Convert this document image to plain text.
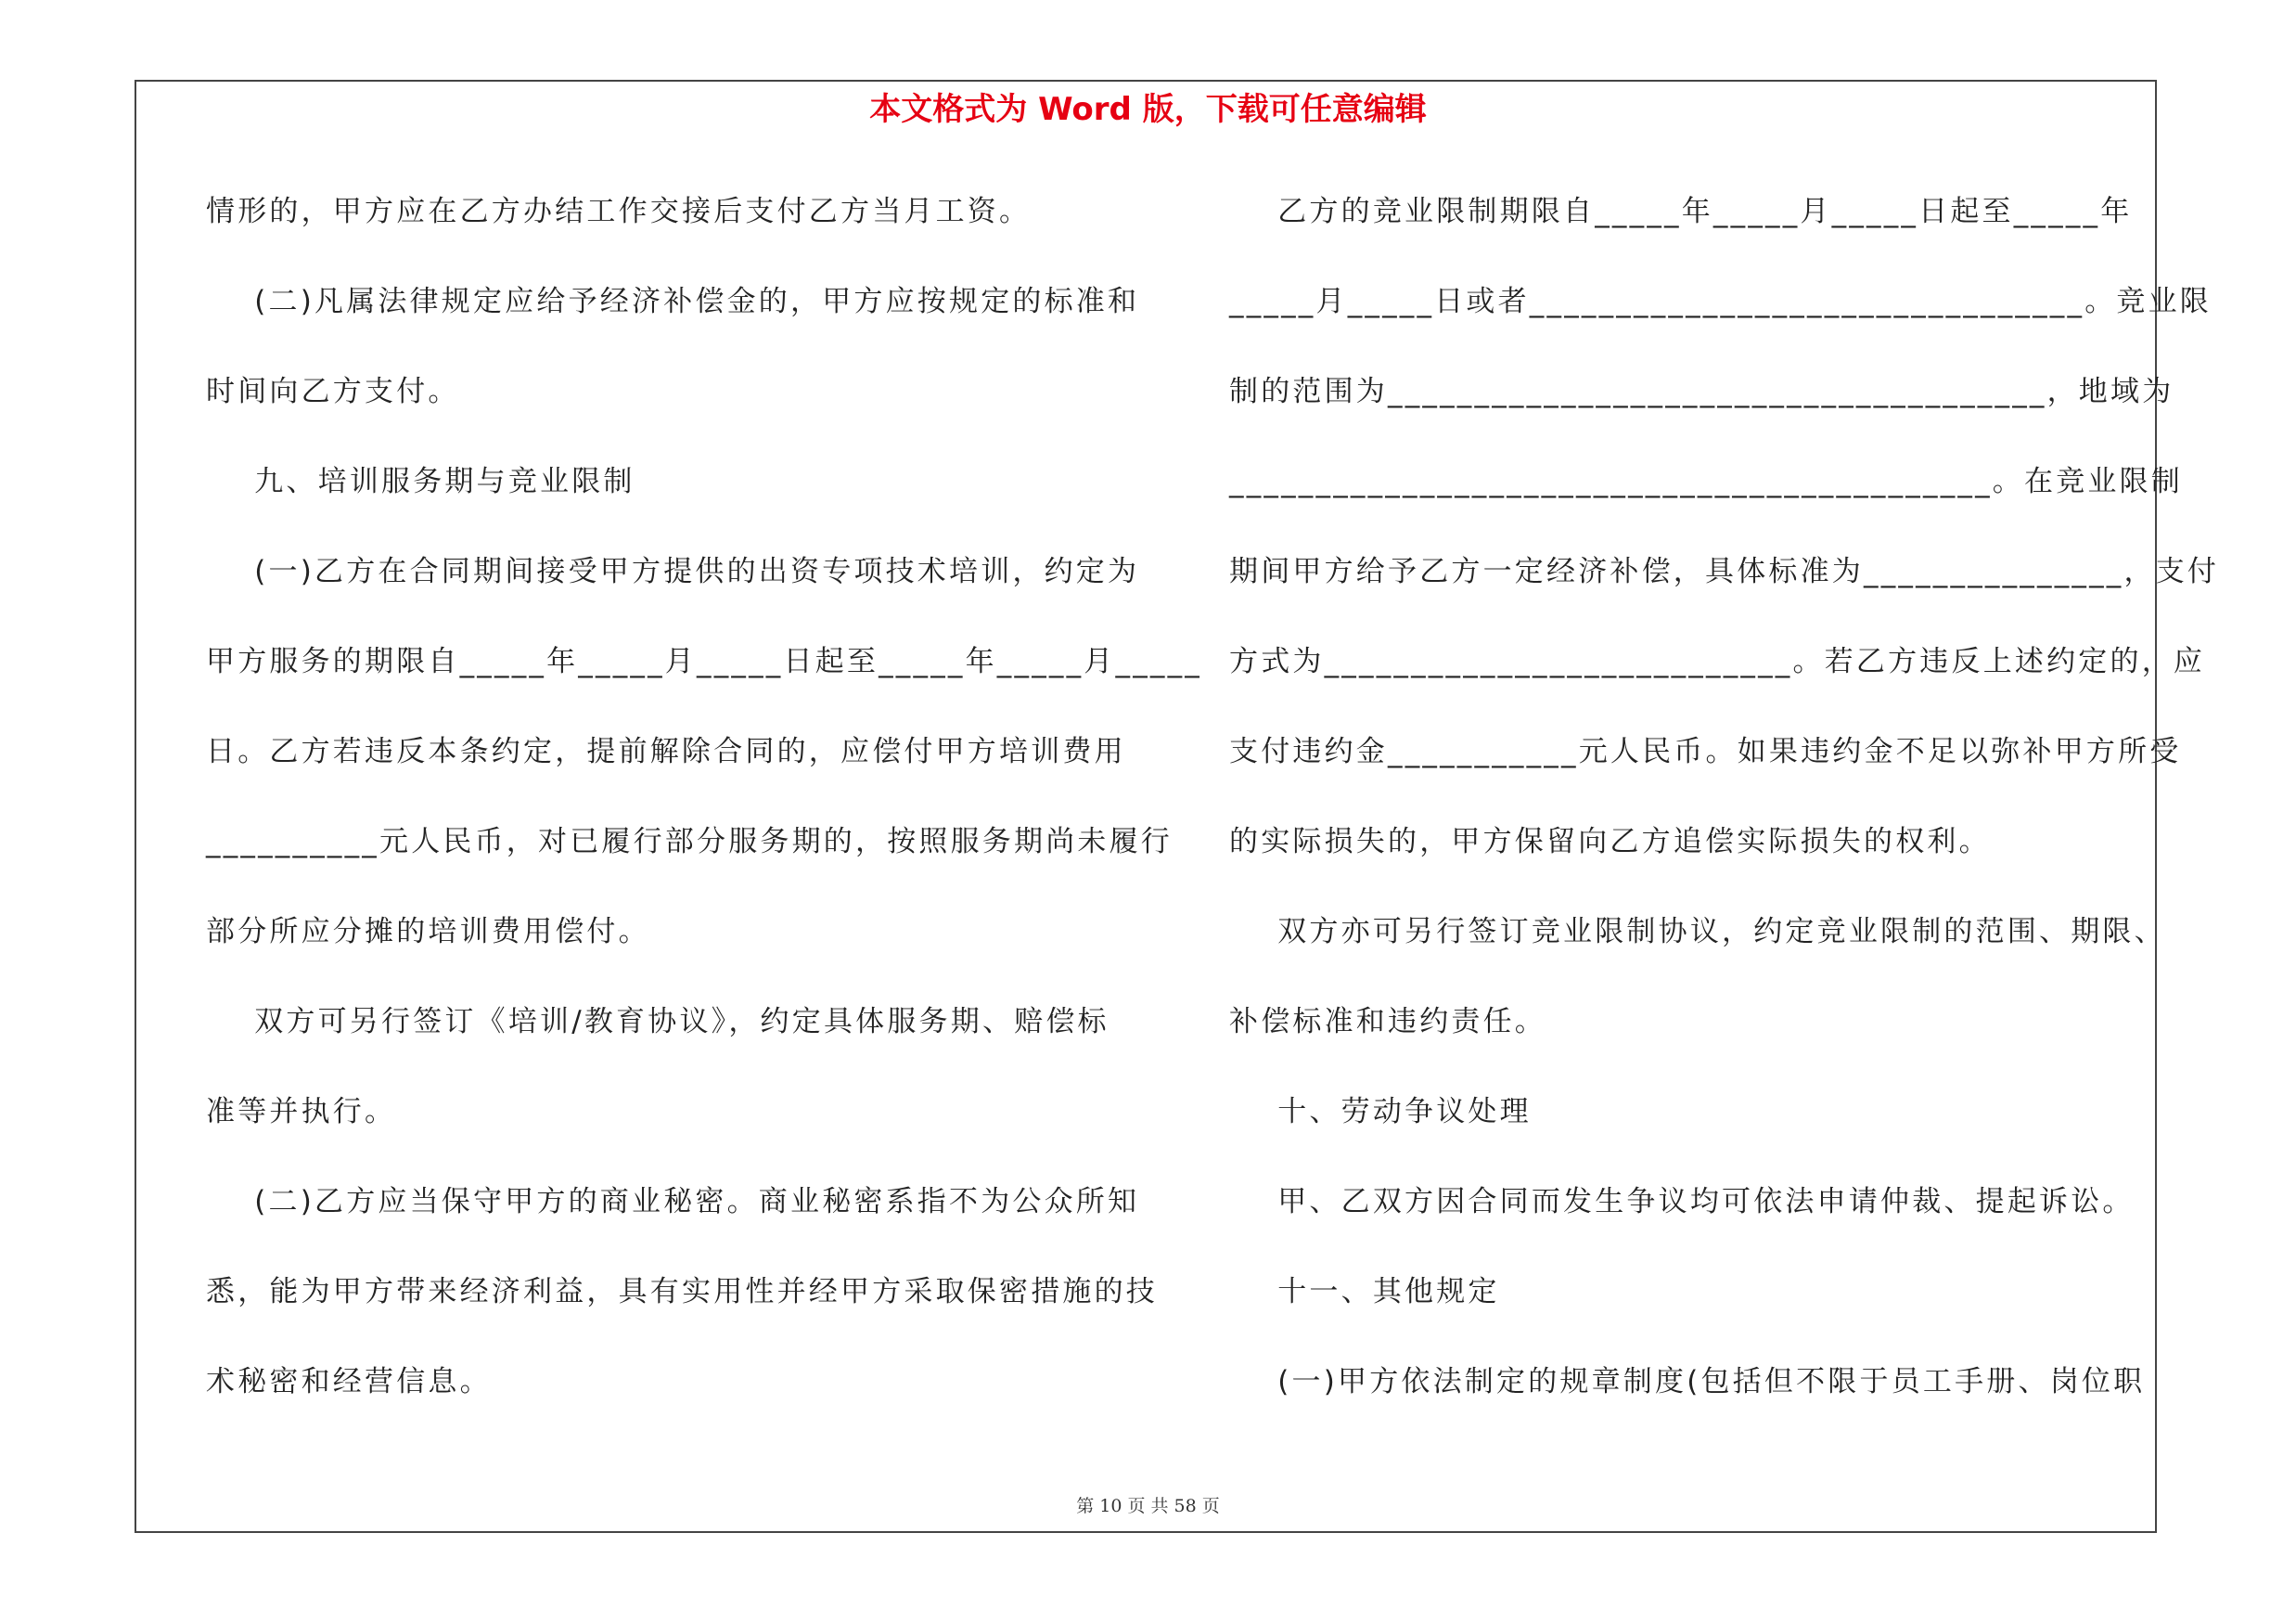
本文格式为 Word 版，下载可任意编辑
情形的，甲方应在乙方办结工作交接后支付乙方当月工资。
(二)凡属法律规定应给予经济补偿金的，甲方应按规定的标准和
时间向乙方支付。
九、培训服务期与竞业限制
(一)乙方在合同期间接受甲方提供的出资专项技术培训，约定为
甲方服务的期限自_____年_____月_____日起至_____年_____月_____
日。乙方若违反本条约定，提前解除合同的，应偿付甲方培训费用
__________元人民币，对已履行部分服务期的，按照服务期尚未履行
部分所应分摊的培训费用偿付。
双方可另行签订《培训/教育协议》，约定具体服务期、赔偿标
准等并执行。
(二)乙方应当保守甲方的商业秘密。商业秘密系指不为公众所知
悉，能为甲方带来经济利益，具有实用性并经甲方采取保密措施的技
术秘密和经营信息。
乙方的竞业限制期限自_____年_____月_____日起至_____年
_____月_____日或者________________________________。竞业限
制的范围为______________________________________，地域为
____________________________________________。在竞业限制
期间甲方给予乙方一定经济补偿，具体标准为_______________，支付
方式为___________________________。若乙方违反上述约定的，应
支付违约金___________元人民币。如果违约金不足以弥补甲方所受
的实际损失的，甲方保留向乙方追偿实际损失的权利。
双方亦可另行签订竞业限制协议，约定竞业限制的范围、期限、
补偿标准和违约责任。
十、劳动争议处理
甲、乙双方因合同而发生争议均可依法申请仲裁、提起诉讼。
十一、其他规定
(一)甲方依法制定的规章制度(包括但不限于员工手册、岗位职
第 10 页 共 58 页
